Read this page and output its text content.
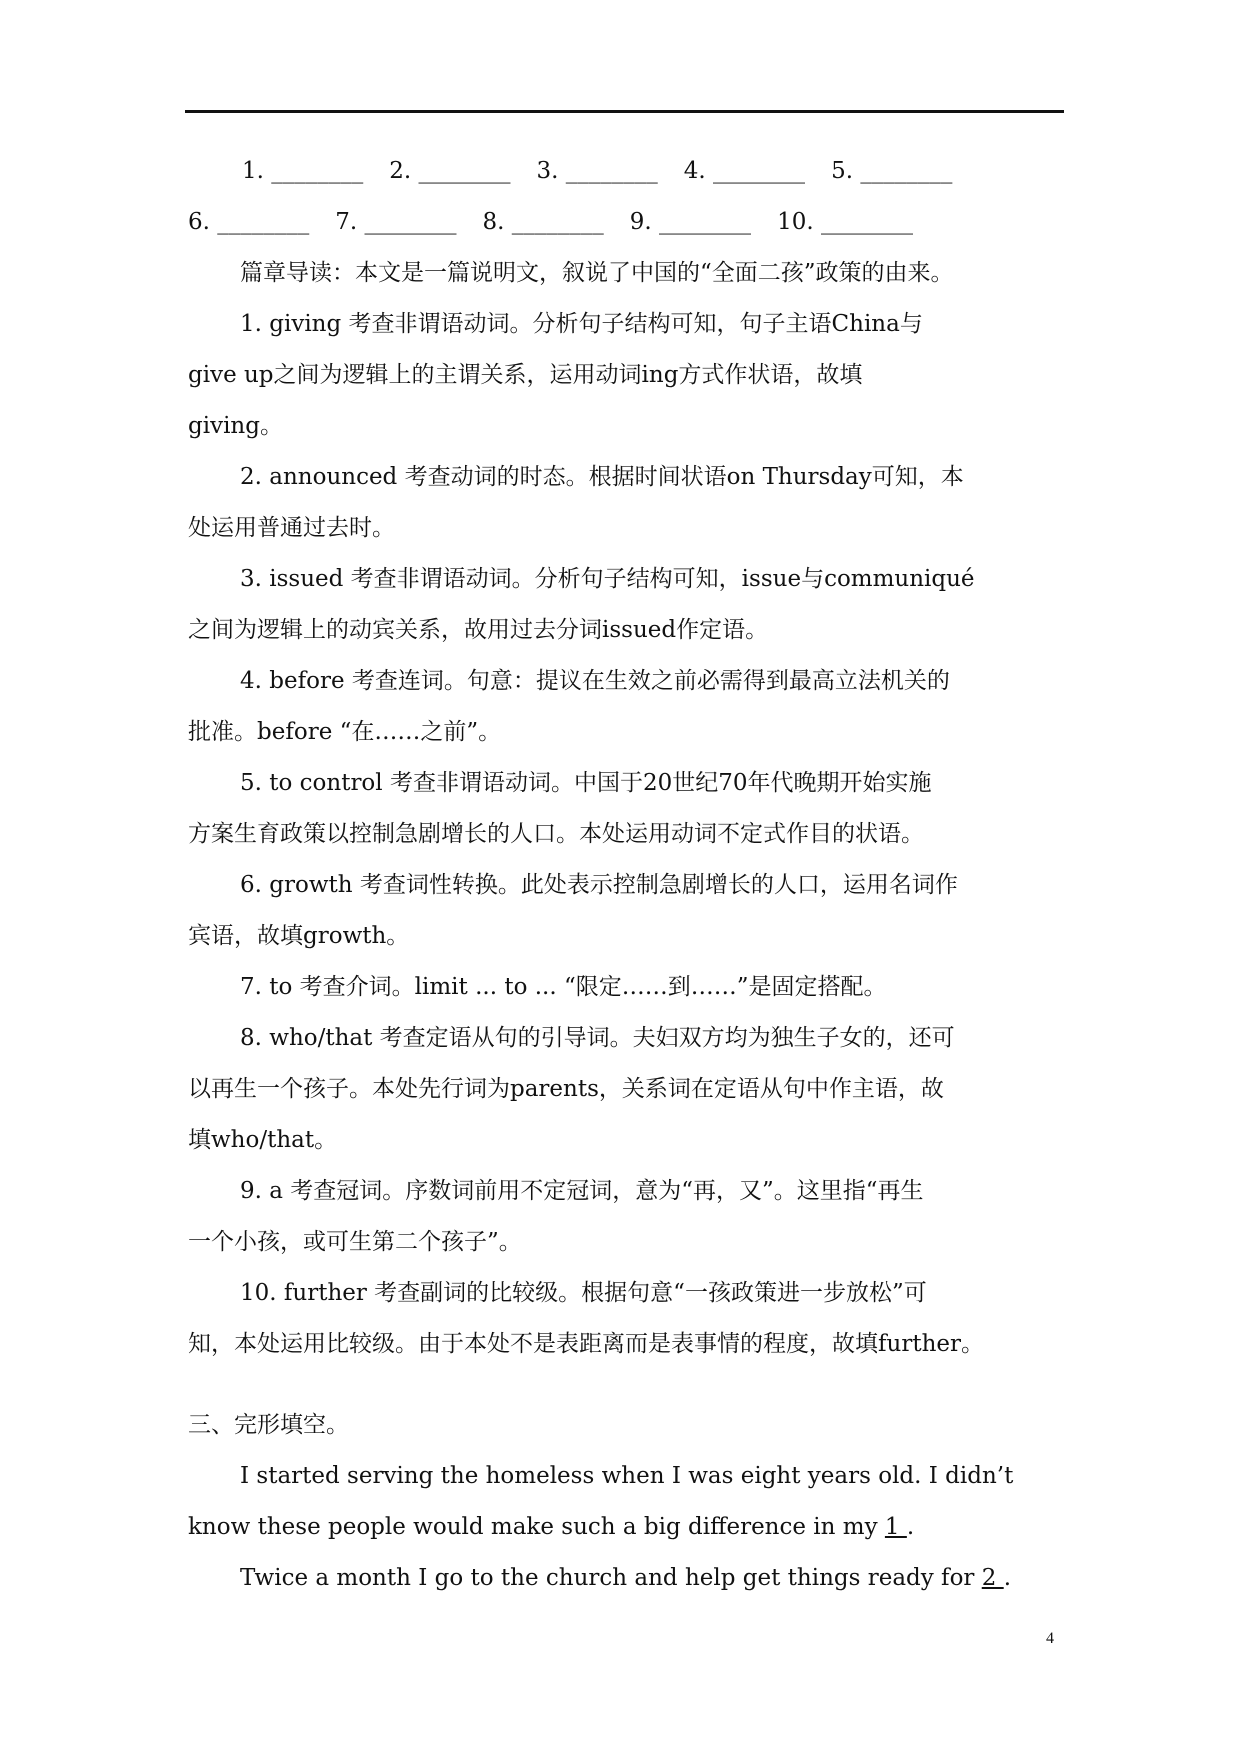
1. ________ 2. ________ 3. ________ 4. ________ 5. ________
6. ________ 7. ________ 8. ________ 9. ________ 10. ________
篇章导读：本文是一篇说明文，叙说了中国的“全面二孩”政策的由来。
1. giving 考查非谓语动词。分析句子结构可知，句子主语China与
give up之间为逻辑上的主谓关系，运用动词ing方式作状语，故填
giving。
2. announced 考查动词的时态。根据时间状语on Thursday可知，本
处运用普通过去时。
3. issued 考查非谓语动词。分析句子结构可知，issue与communiqué
之间为逻辑上的动宾关系，故用过去分词issued作定语。
4. before 考查连词。句意：提议在生效之前必需得到最高立法机关的
批准。before “在……之前”。
5. to control 考查非谓语动词。中国于20世纪70年代晚期开始实施
方案生育政策以控制急剧增长的人口。本处运用动词不定式作目的状语。
6. growth 考查词性转换。此处表示控制急剧增长的人口，运用名词作
宾语，故填growth。
7. to 考查介词。limit ... to ... “限定……到……”是固定搭配。
8. who/that 考查定语从句的引导词。夫妇双方均为独生子女的，还可
以再生一个孩子。本处先行词为parents，关系词在定语从句中作主语，故
填who/that。
9. a 考查冠词。序数词前用不定冠词，意为“再，又”。这里指“再生
一个小孩，或可生第二个孩子”。
10. further 考查副词的比较级。根据句意“一孩政策进一步放松”可
知，本处运用比较级。由于本处不是表距离而是表事情的程度，故填further。
三、完形填空。
I started serving the homeless when I was eight years old. I didn’t
know these people would make such a big difference in my 1 .
Twice a month I go to the church and help get things ready for 2 .
4
